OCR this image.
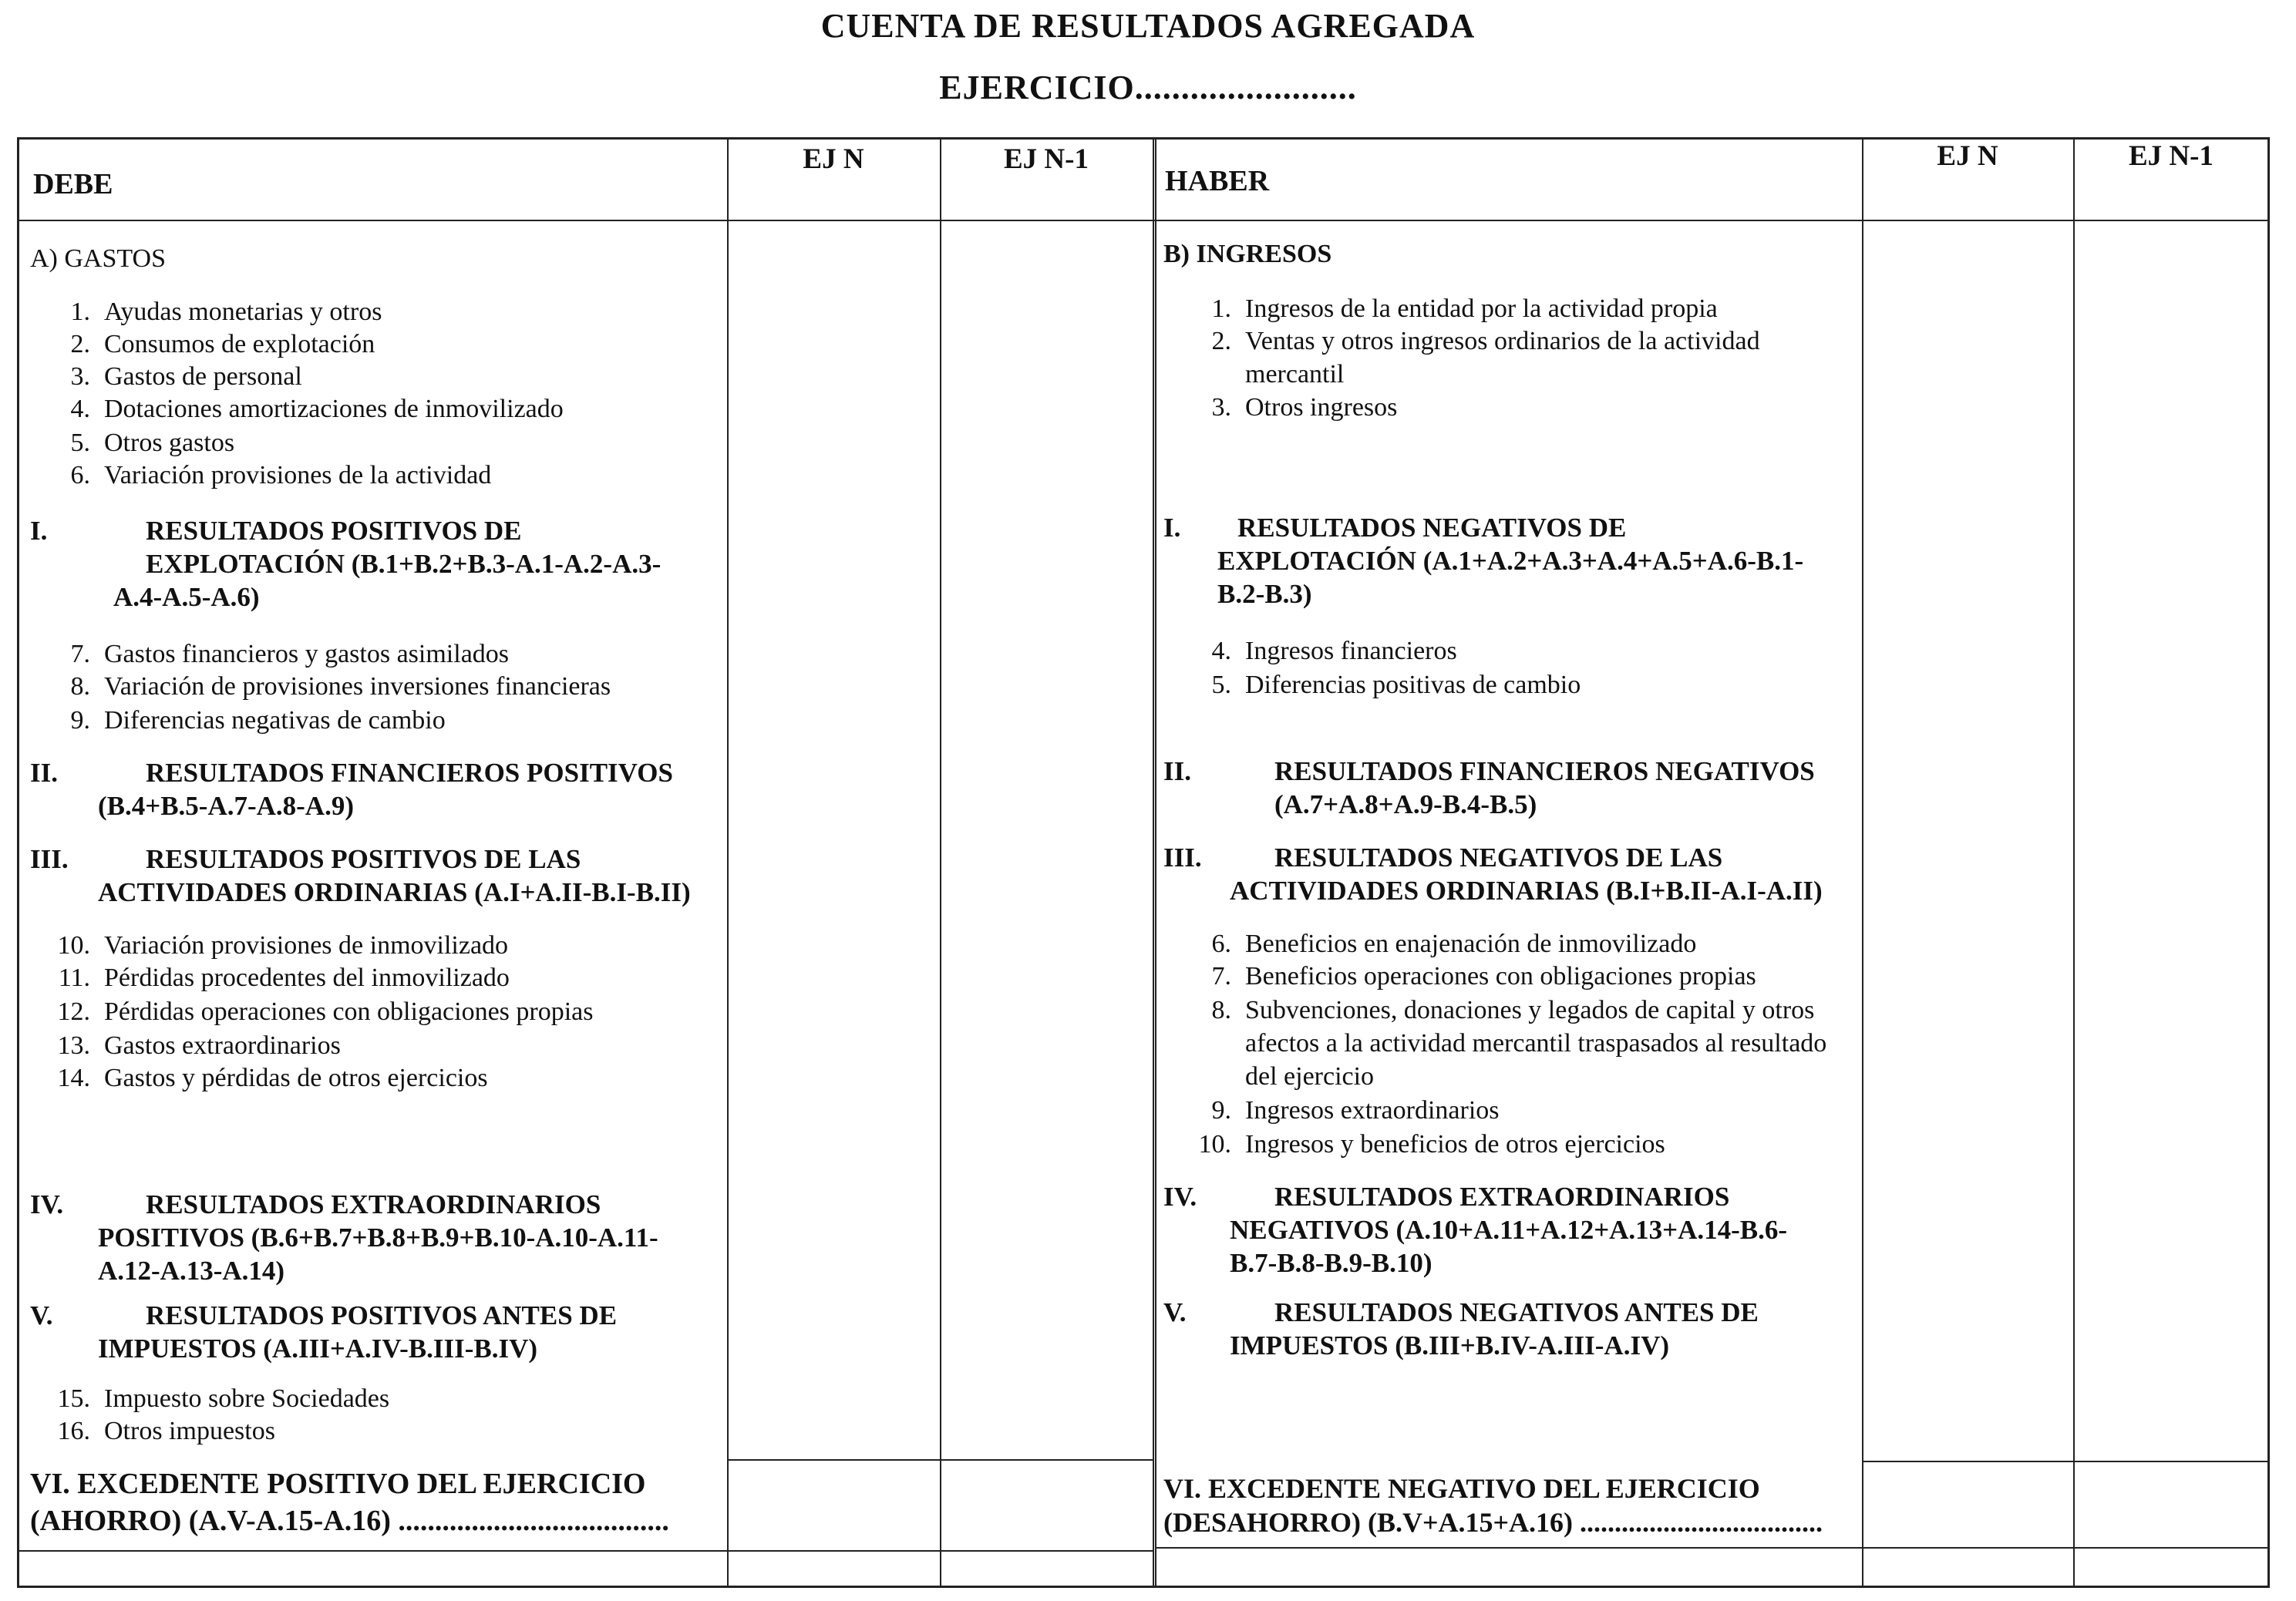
CUENTA DE RESULTADOS AGREGADA
EJERCICIO........................
DEBE
EJ N	EJ N-1
HABER
EJ N	EJ N-1
A) GASTOS
1. Ayudas monetarias y otros
2. Consumos de explotación
3. Gastos de personal
4. Dotaciones amortizaciones de inmovilizado
5. Otros gastos
6. Variación provisiones de la actividad
I.	RESULTADOS POSITIVOS DE
EXPLOTACIÓN (B.1+B.2+B.3-A.1-A.2-A.3-
A.4-A.5-A.6)
7. Gastos financieros y gastos asimilados
8. Variación de provisiones inversiones financieras
9. Diferencias negativas de cambio
II.	RESULTADOS FINANCIEROS POSITIVOS
(B.4+B.5-A.7-A.8-A.9)
III.	RESULTADOS POSITIVOS DE LAS
ACTIVIDADES ORDINARIAS (A.I+A.II-B.I-B.II)
10. Variación provisiones de inmovilizado
11. Pérdidas procedentes del inmovilizado
12. Pérdidas operaciones con obligaciones propias
13. Gastos extraordinarios
14. Gastos y pérdidas de otros ejercicios
IV.	RESULTADOS EXTRAORDINARIOS
POSITIVOS (B.6+B.7+B.8+B.9+B.10-A.10-A.11-
A.12-A.13-A.14)
V.	RESULTADOS POSITIVOS ANTES DE
IMPUESTOS (A.III+A.IV-B.III-B.IV)
15. Impuesto sobre Sociedades
16. Otros impuestos
VI. EXCEDENTE POSITIVO DEL EJERCICIO
(AHORRO) (A.V-A.15-A.16) .....................................
B) INGRESOS
1. Ingresos de la entidad por la actividad propia
2. Ventas y otros ingresos ordinarios de la actividad mercantil
3. Otros ingresos
I.	RESULTADOS NEGATIVOS DE
EXPLOTACIÓN (A.1+A.2+A.3+A.4+A.5+A.6-B.1-
B.2-B.3)
4. Ingresos financieros
5. Diferencias positivas de cambio
II.	RESULTADOS FINANCIEROS NEGATIVOS
(A.7+A.8+A.9-B.4-B.5)
III.	RESULTADOS NEGATIVOS DE LAS
ACTIVIDADES ORDINARIAS (B.I+B.II-A.I-A.II)
6. Beneficios en enajenación de inmovilizado
7. Beneficios operaciones con obligaciones propias
8. Subvenciones, donaciones y legados de capital y otros afectos a la actividad mercantil traspasados al resultado del ejercicio
9. Ingresos extraordinarios
10. Ingresos y beneficios de otros ejercicios
IV.	RESULTADOS EXTRAORDINARIOS
NEGATIVOS (A.10+A.11+A.12+A.13+A.14-B.6-
B.7-B.8-B.9-B.10)
V.	RESULTADOS NEGATIVOS ANTES DE
IMPUESTOS (B.III+B.IV-A.III-A.IV)
VI. EXCEDENTE NEGATIVO DEL EJERCICIO
(DESAHORRO) (B.V+A.15+A.16) ...................................
